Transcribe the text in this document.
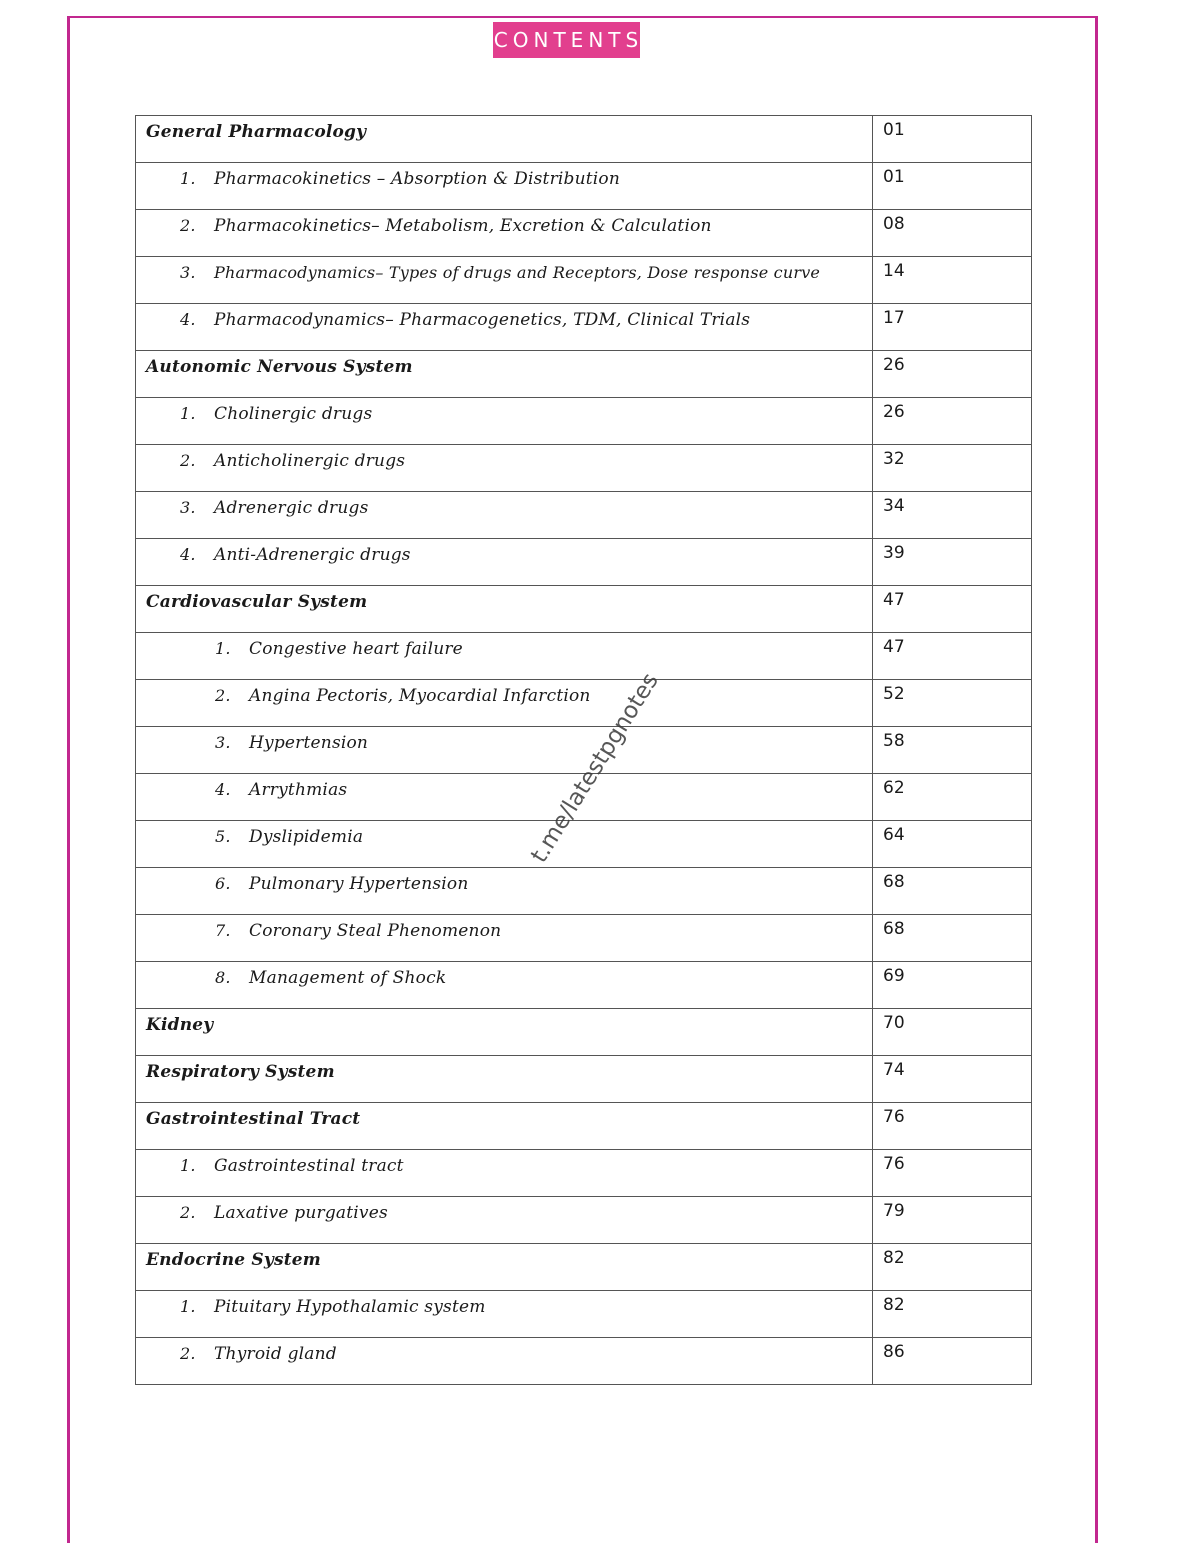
CONTENTS
General Pharmacology	01

1. Pharmacokinetics – Absorption & Distribution	01

2. Pharmacokinetics– Metabolism, Excretion & Calculation	08

3. Pharmacodynamics– Types of drugs and Receptors, Dose response curve	14

4. Pharmacodynamics– Pharmacogenetics, TDM, Clinical Trials	17

Autonomic Nervous System	26

1. Cholinergic drugs	26

2. Anticholinergic drugs	32

3. Adrenergic drugs	34

4. Anti-Adrenergic drugs	39

Cardiovascular System	47

1. Congestive heart failure	47

2. Angina Pectoris, Myocardial Infarction	52

3. Hypertension	58

4. Arrythmias	62

5. Dyslipidemia	64

6. Pulmonary Hypertension	68

7. Coronary Steal Phenomenon	68

8. Management of Shock	69

Kidney	70

Respiratory System	74

Gastrointestinal Tract	76

1. Gastrointestinal tract	76

2. Laxative purgatives	79

Endocrine System	82

1. Pituitary Hypothalamic system	82

2. Thyroid gland	86
t.me/latestpgnotes
